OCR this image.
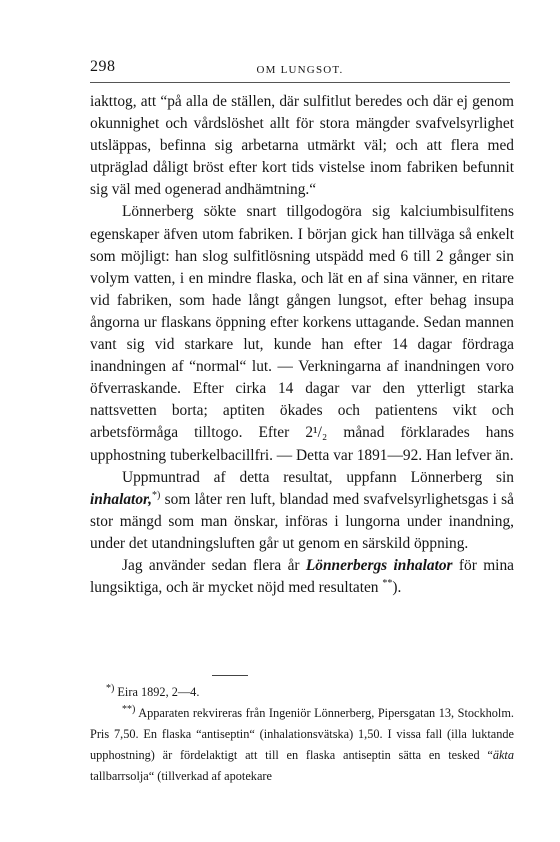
298	OM LUNGSOT.

iakttog, att “på alla de ställen, där sulfitlut beredes och där ej genom okunnighet och vårdslöshet allt för stora mängder svafvelsyrlighet utsläppas, befinna sig arbetarna utmärkt väl; och att flera med utpräglad dåligt bröst efter kort tids vistelse inom fabriken befunnit sig väl med ogenerad andhämtning.“

Lönnerberg sökte snart tillgodogöra sig kalciumbisulfitens egenskaper äfven utom fabriken. I början gick han tillväga så enkelt som möjligt: han slog sulfitlösning utspädd med 6 till 2 gånger sin volym vatten, i en mindre flaska, och lät en af sina vänner, en ritare vid fabriken, som hade långt gången lungsot, efter behag insupa ångorna ur flaskans öppning efter korkens uttagande. Sedan mannen vant sig vid starkare lut, kunde han efter 14 dagar fördraga inandningen af “normal“ lut. — Verkningarna af inandningen voro öfverraskande. Efter cirka 14 dagar var den ytterligt starka nattsvetten borta; aptiten ökades och patientens vikt och arbetsförmåga tilltogo. Efter 2¹/₂ månad förklarades hans upphostning tuberkelbacillfri. — Detta var 1891—92. Han lefver än.

Uppmuntrad af detta resultat, uppfann Lönnerberg sin inhalator,*) som låter ren luft, blandad med svafvelsyrlighetsgas i så stor mängd som man önskar, införas i lungorna under inandning, under det utandningsluften går ut genom en särskild öppning.

Jag använder sedan flera år Lönnerbergs inhalator för mina lungsiktiga, och är mycket nöjd med resultaten **).

*) Eira 1892, 2—4.

**) Apparaten rekvireras från Ingeniör Lönnerberg, Pipersgatan 13, Stockholm. Pris 7,50. En flaska “antiseptin“ (inhalationsvätska) 1,50. I vissa fall (illa luktande upphostning) är fördelaktigt att till en flaska antiseptin sätta en tesked “äkta tallbarrsolja“ (tillverkad af apotekare
